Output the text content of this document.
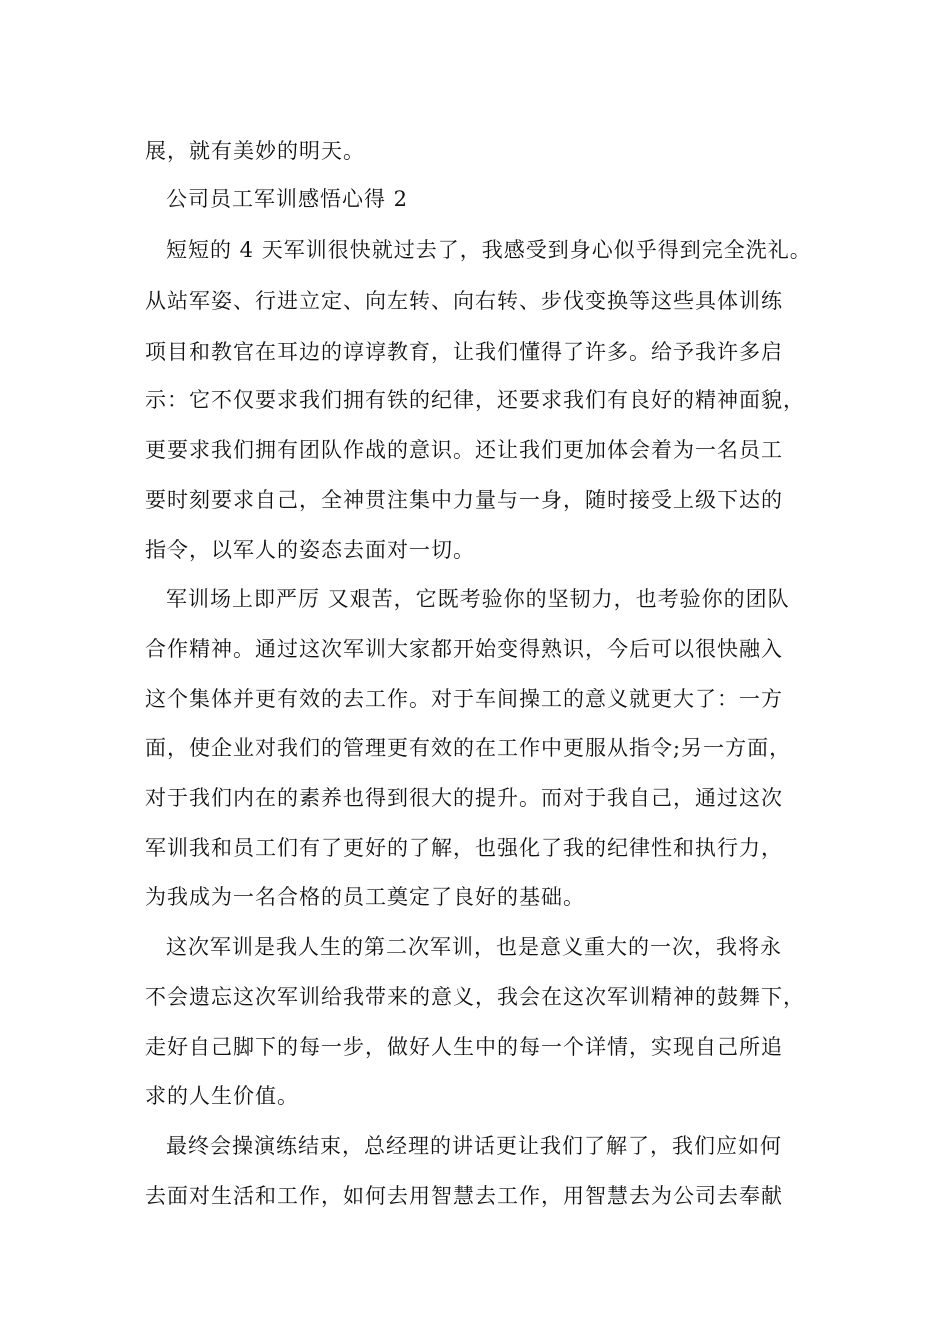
展，就有美妙的明天。

公司员工军训感悟心得 2

短短的 4 天军训很快就过去了，我感受到身心似乎得到完全洗礼。

从站军姿、行进立定、向左转、向右转、步伐变换等这些具体训练

项目和教官在耳边的谆谆教育，让我们懂得了许多。给予我许多启

示：它不仅要求我们拥有铁的纪律，还要求我们有良好的精神面貌，

更要求我们拥有团队作战的意识。还让我们更加体会着为一名员工

要时刻要求自己，全神贯注集中力量与一身，随时接受上级下达的

指令，以军人的姿态去面对一切。

军训场上即严厉 又艰苦，它既考验你的坚韧力，也考验你的团队

合作精神。通过这次军训大家都开始变得熟识，今后可以很快融入

这个集体并更有效的去工作。对于车间操工的意义就更大了：一方

面，使企业对我们的管理更有效的在工作中更服从指令;另一方面，

对于我们内在的素养也得到很大的提升。而对于我自己，通过这次

军训我和员工们有了更好的了解，也强化了我的纪律性和执行力，

为我成为一名合格的员工奠定了良好的基础。

这次军训是我人生的第二次军训，也是意义重大的一次，我将永

不会遗忘这次军训给我带来的意义，我会在这次军训精神的鼓舞下，

走好自己脚下的每一步，做好人生中的每一个详情，实现自己所追

求的人生价值。

最终会操演练结束，总经理的讲话更让我们了解了，我们应如何

去面对生活和工作，如何去用智慧去工作，用智慧去为公司去奉献
